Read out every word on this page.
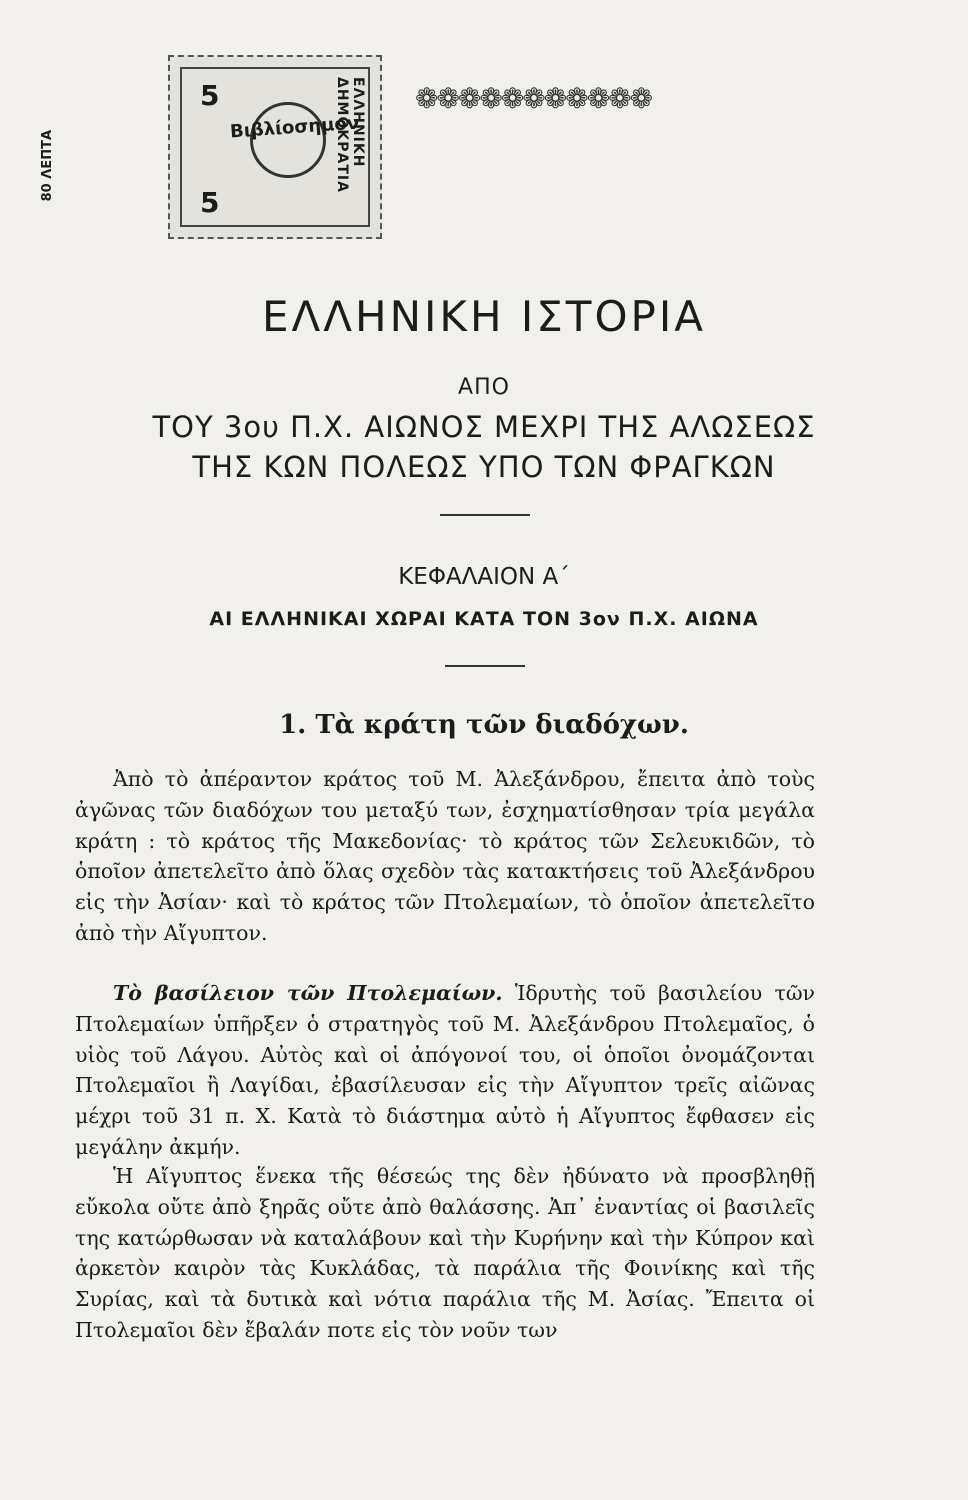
80 ΛΕΠΤΑ
5
5
Βιβλίοσημον
ΕΛΛΗΝΙΚΗ ΔΗΜΟΚΡΑΤΙΑ	❁❁❁❁❁❁❁❁❁❁❁
ΕΛΛΗΝΙΚΗ ΙΣΤΟΡΙΑ
ΑΠΟ
ΤΟΥ 3ου Π.Χ. ΑΙΩΝΟΣ ΜΕΧΡΙ ΤΗΣ ΑΛΩΣΕΩΣ
ΤΗΣ ΚΩΝ ΠΟΛΕΩΣ ΥΠΟ ΤΩΝ ΦΡΑΓΚΩΝ
ΚΕΦΑΛΑΙΟΝ Α΄
ΑΙ ΕΛΛΗΝΙΚΑΙ ΧΩΡΑΙ ΚΑΤΑ ΤΟΝ 3ον Π.Χ. ΑΙΩΝΑ
1. Τὰ κράτη τῶν διαδόχων.

Ἀπὸ τὸ ἀπέραντον κράτος τοῦ Μ. Ἀλεξάνδρου, ἔπειτα ἀπὸ τοὺς ἀγῶνας τῶν διαδόχων του μεταξύ των, ἐσχηματίσθησαν τρία μεγάλα κράτη : τὸ κράτος τῆς Μακεδονίας· τὸ κράτος τῶν Σελευκιδῶν, τὸ ὁποῖον ἀπετελεῖτο ἀπὸ ὅλας σχεδὸν τὰς κατακτήσεις τοῦ Ἀλεξάνδρου εἰς τὴν Ἀσίαν· καὶ τὸ κράτος τῶν Πτολεμαίων, τὸ ὁποῖον ἀπετελεῖτο ἀπὸ τὴν Αἴγυπτον.

Τὸ βασίλειον τῶν Πτολεμαίων. Ἱδρυτὴς τοῦ βασιλείου τῶν Πτολεμαίων ὑπῆρξεν ὁ στρατηγὸς τοῦ Μ. Ἀλεξάνδρου Πτολεμαῖος, ὁ υἱὸς τοῦ Λάγου. Αὐτὸς καὶ οἱ ἀπόγονοί του, οἱ ὁποῖοι ὀνομάζονται Πτολεμαῖοι ἢ Λαγίδαι, ἐβασίλευσαν εἰς τὴν Αἴγυπτον τρεῖς αἰῶνας μέχρι τοῦ 31 π. Χ. Κατὰ τὸ διάστημα αὐτὸ ἡ Αἴγυπτος ἔφθασεν εἰς μεγάλην ἀκμήν.

Ἡ Αἴγυπτος ἕνεκα τῆς θέσεώς της δὲν ἠδύνατο νὰ προσβληθῇ εὔκολα οὔτε ἀπὸ ξηρᾶς οὔτε ἀπὸ θαλάσσης. Ἀπ᾽ ἐναντίας οἱ βασιλεῖς της κατώρθωσαν νὰ καταλάβουν καὶ τὴν Κυρήνην καὶ τὴν Κύπρον καὶ ἀρκετὸν καιρὸν τὰς Κυκλάδας, τὰ παράλια τῆς Φοινίκης καὶ τῆς Συρίας, καὶ τὰ δυτικὰ καὶ νότια παράλια τῆς Μ. Ἀσίας. Ἔπειτα οἱ Πτολεμαῖοι δὲν ἔβαλάν ποτε εἰς τὸν νοῦν των
